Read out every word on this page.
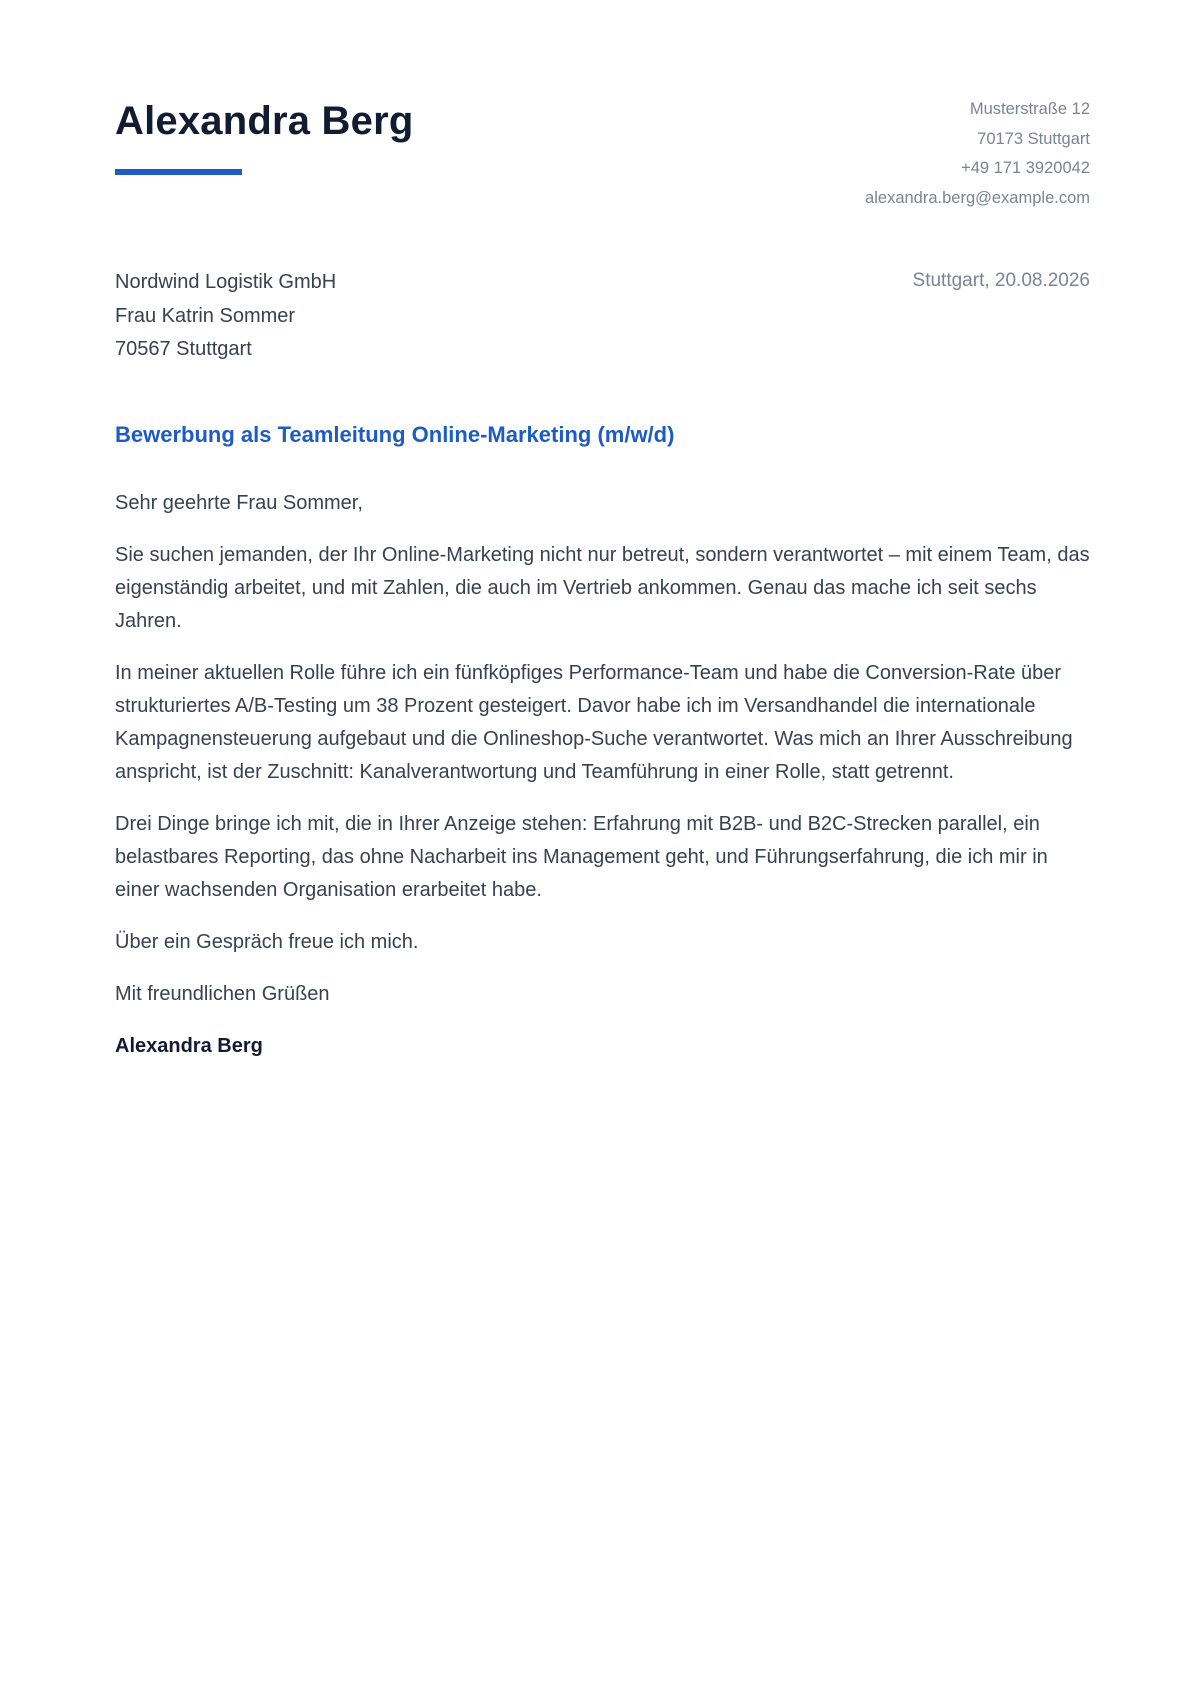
Alexandra Berg	Musterstraße 12
70173 Stuttgart
+49 171 3920042
alexandra.berg@example.com
Nordwind Logistik GmbH
Frau Katrin Sommer
70567 Stuttgart
Stuttgart, 20.08.2026
Bewerbung als Teamleitung Online-Marketing (m/w/d)

Sehr geehrte Frau Sommer,

Sie suchen jemanden, der Ihr Online-Marketing nicht nur betreut, sondern verantwortet – mit einem Team, das eigenständig arbeitet, und mit Zahlen, die auch im Vertrieb ankommen. Genau das mache ich seit sechs Jahren.

In meiner aktuellen Rolle führe ich ein fünfköpfiges Performance-Team und habe die Conversion-Rate über strukturiertes A/B-Testing um 38 Prozent gesteigert. Davor habe ich im Versandhandel die internationale Kampagnensteuerung aufgebaut und die Onlineshop-Suche verantwortet. Was mich an Ihrer Ausschreibung anspricht, ist der Zuschnitt: Kanalverantwortung und Teamführung in einer Rolle, statt getrennt.

Drei Dinge bringe ich mit, die in Ihrer Anzeige stehen: Erfahrung mit B2B- und B2C-Strecken parallel, ein belastbares Reporting, das ohne Nacharbeit ins Management geht, und Führungserfahrung, die ich mir in einer wachsenden Organisation erarbeitet habe.

Über ein Gespräch freue ich mich.

Mit freundlichen Grüßen

Alexandra Berg
